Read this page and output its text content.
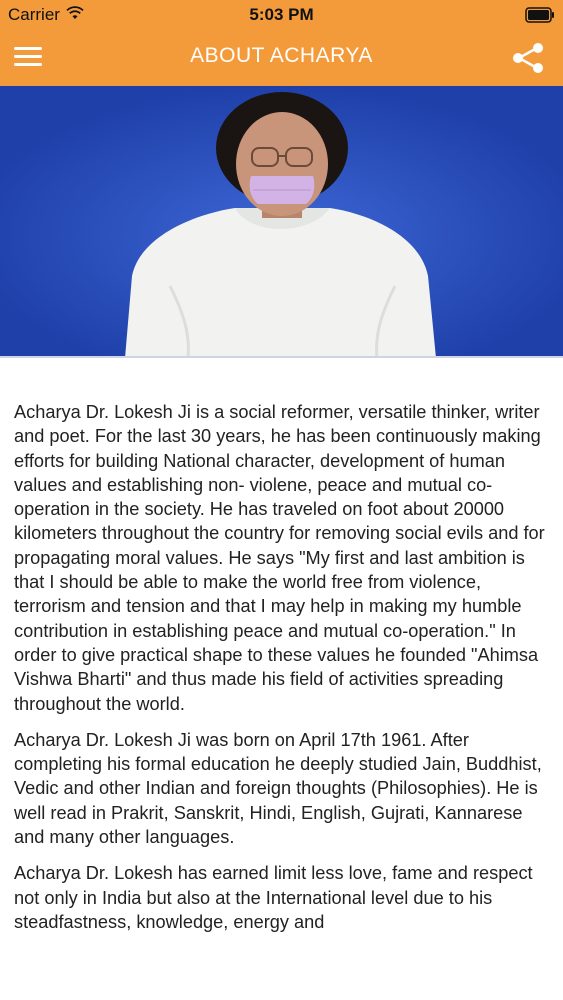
Carrier	5:03 PM
ABOUT ACHARYA

Acharya Dr. Lokesh Ji is a social reformer, versatile thinker, writer and poet. For the last 30 years, he has been continuously making efforts for building National character, development of human values and establishing non- violene, peace and mutual co-operation in the society. He has traveled on foot about 20000 kilometers throughout the country for removing social evils and for propagating moral values. He says "My first and last ambition is that I should be able to make the world free from violence, terrorism and tension and that I may help in making my humble contribution in establishing peace and mutual co-operation." In order to give practical shape to these values he founded "Ahimsa Vishwa Bharti" and thus made his field of activities spreading throughout the world.

Acharya Dr. Lokesh Ji was born on April 17th 1961. After completing his formal education he deeply studied Jain, Buddhist, Vedic and other Indian and foreign thoughts (Philosophies). He is well read in Prakrit, Sanskrit, Hindi, English, Gujrati, Kannarese and many other languages.

Acharya Dr. Lokesh has earned limit less love, fame and respect not only in India but also at the International level due to his steadfastness, knowledge, energy and
